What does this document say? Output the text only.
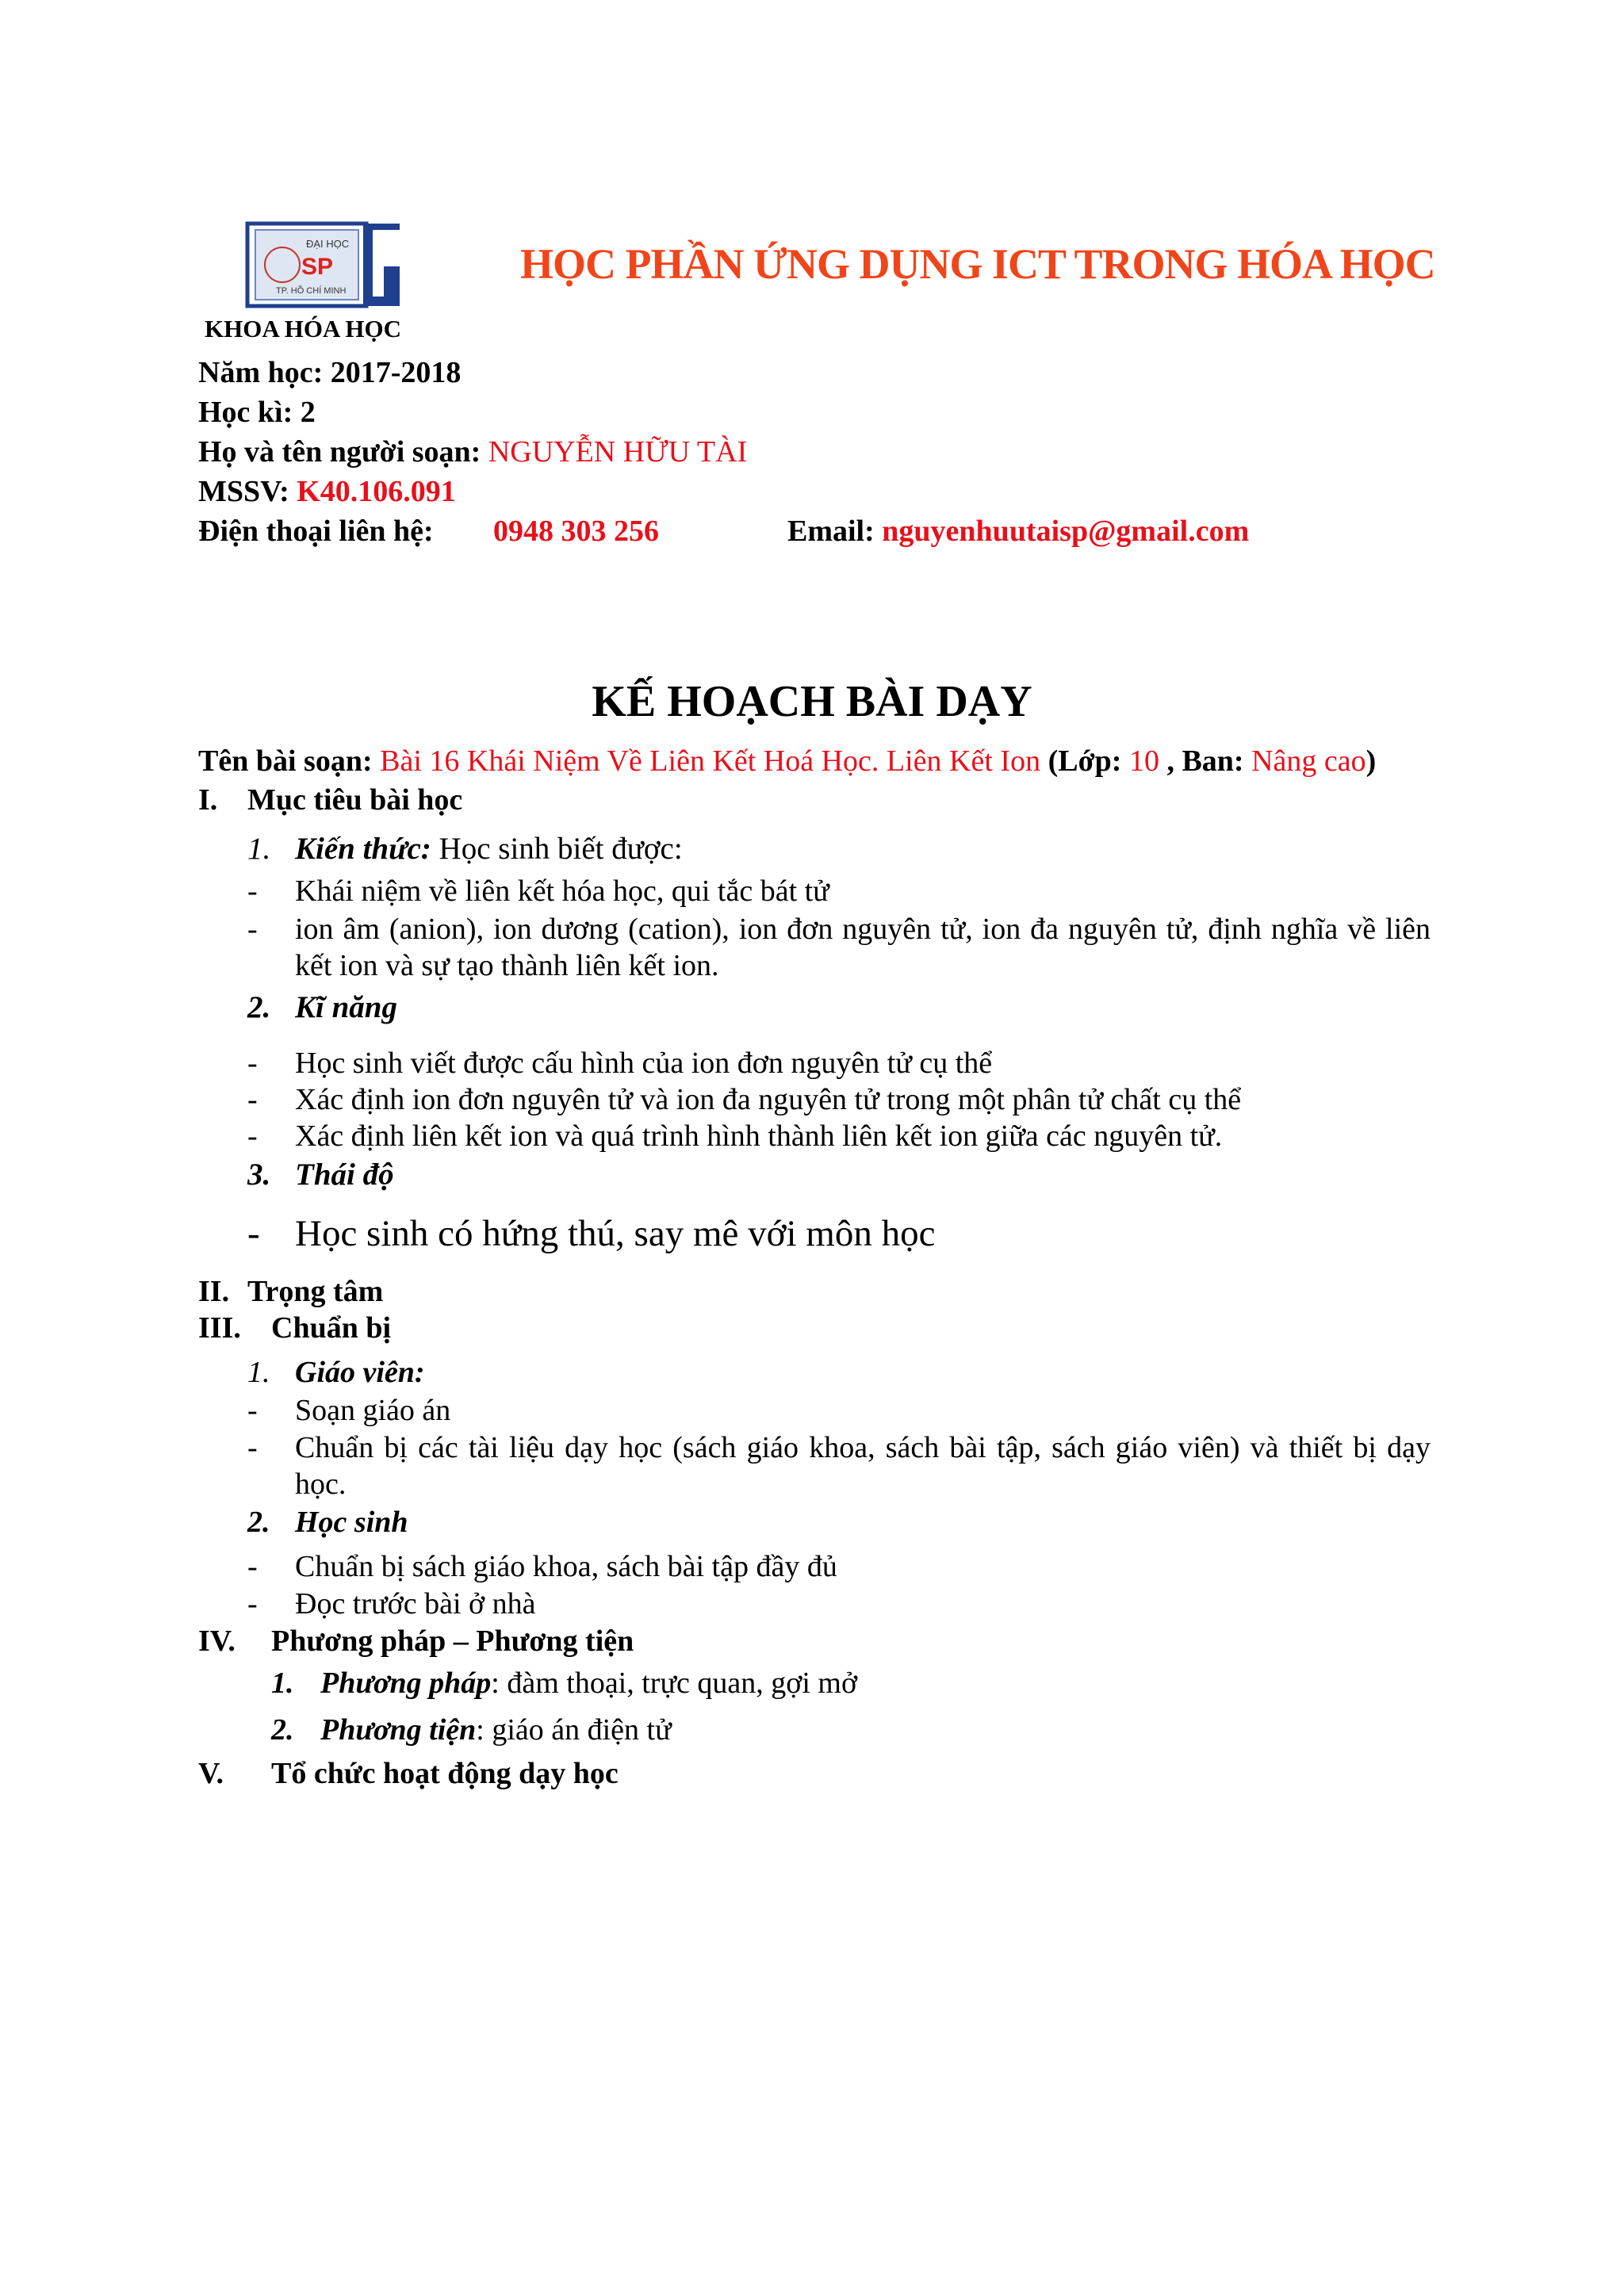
ĐẠI HỌC
SP
TP. HỒ CHÍ MINH
HỌC PHẦN ỨNG DỤNG ICT TRONG HÓA HỌC
KHOA HÓA HỌC
Năm học: 2017-2018
Học kì: 2
Họ và tên người soạn: NGUYỄN HỮU TÀI
MSSV: K40.106.091
Điện thoại liên hệ: 0948 303 256	Email: nguyenhuutaisp@gmail.com
KẾ HOẠCH BÀI DẠY
Tên bài soạn: Bài 16 Khái Niệm Về Liên Kết Hoá Học. Liên Kết Ion (Lớp: 10 , Ban: Nâng cao)
I. Mục tiêu bài học
1. Kiến thức: Học sinh biết được:
-
Khái niệm về liên kết hóa học, qui tắc bát tử
-
ion âm (anion), ion dương (cation), ion đơn nguyên tử, ion đa nguyên tử, định nghĩa về liên kết ion và sự tạo thành liên kết ion.
2. Kĩ năng
-
Học sinh viết được cấu hình của ion đơn nguyên tử cụ thể
-
Xác định ion đơn nguyên tử và ion đa nguyên tử trong một phân tử chất cụ thể
-
Xác định liên kết ion và quá trình hình thành liên kết ion giữa các nguyên tử.
3. Thái độ
-
Học sinh có hứng thú, say mê với môn học
II. Trọng tâm
III. Chuẩn bị
1. Giáo viên:
-
Soạn giáo án
-
Chuẩn bị các tài liệu dạy học (sách giáo khoa, sách bài tập, sách giáo viên) và thiết bị dạy học.
2. Học sinh
-
Chuẩn bị sách giáo khoa, sách bài tập đầy đủ
-
Đọc trước bài ở nhà
IV. Phương pháp – Phương tiện
1. Phương pháp: đàm thoại, trực quan, gợi mở
2. Phương tiện: giáo án điện tử
V. Tổ chức hoạt động dạy học
